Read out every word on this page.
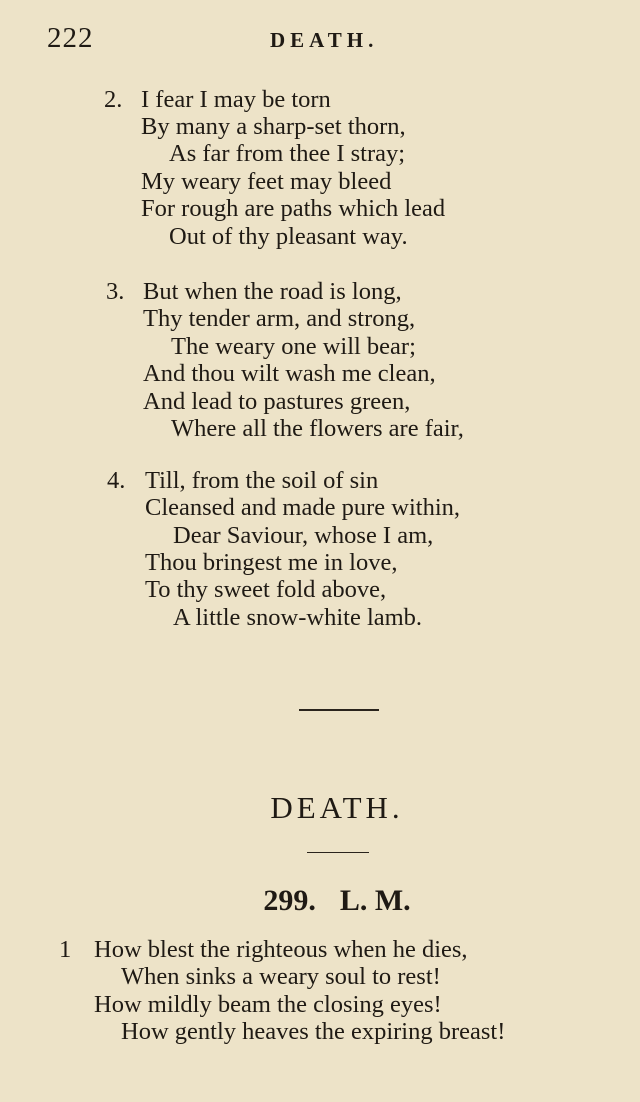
222	DEATH.
2. I fear I may be torn
By many a sharp-set thorn,
As far from thee I stray;
My weary feet may bleed
For rough are paths which lead
Out of thy pleasant way.
3. But when the road is long,
Thy tender arm, and strong,
The weary one will bear;
And thou wilt wash me clean,
And lead to pastures green,
Where all the flowers are fair,
4. Till, from the soil of sin
Cleansed and made pure within,
Dear Saviour, whose I am,
Thou bringest me in love,
To thy sweet fold above,
A little snow-white lamb.
DEATH.
299. L. M.
1 How blest the righteous when he dies,
When sinks a weary soul to rest!
How mildly beam the closing eyes!
How gently heaves the expiring breast!
